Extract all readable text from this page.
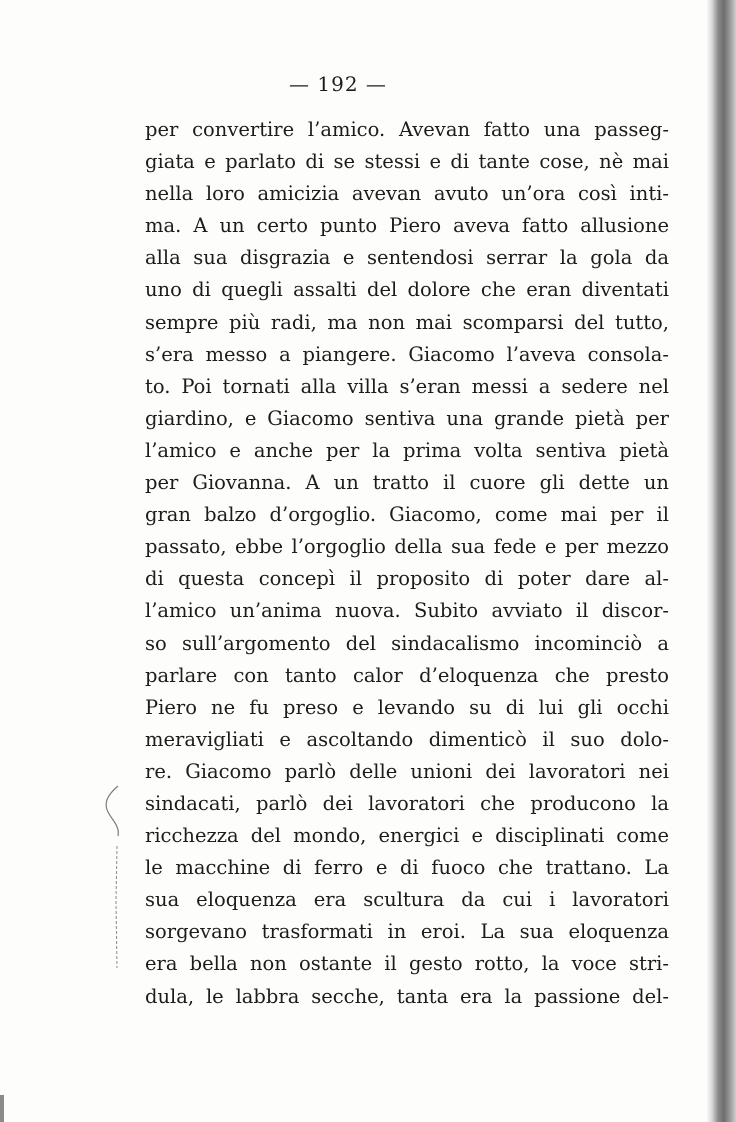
— 192 —
per convertire l’amico. Avevan fatto una passeg-
giata e parlato di se stessi e di tante cose, nè mai
nella loro amicizia avevan avuto un’ora così inti-
ma. A un certo punto Piero aveva fatto allusione
alla sua disgrazia e sentendosi serrar la gola da
uno di quegli assalti del dolore che eran diventati
sempre più radi, ma non mai scomparsi del tutto,
s’era messo a piangere. Giacomo l’aveva consola-
to. Poi tornati alla villa s’eran messi a sedere nel
giardino, e Giacomo sentiva una grande pietà per
l’amico e anche per la prima volta sentiva pietà
per Giovanna. A un tratto il cuore gli dette un
gran balzo d’orgoglio. Giacomo, come mai per il
passato, ebbe l’orgoglio della sua fede e per mezzo
di questa concepì il proposito di poter dare al-
l’amico un’anima nuova. Subito avviato il discor-
so sull’argomento del sindacalismo incominciò a
parlare con tanto calor d’eloquenza che presto
Piero ne fu preso e levando su di lui gli occhi
meravigliati e ascoltando dimenticò il suo dolo-
re. Giacomo parlò delle unioni dei lavoratori nei
sindacati, parlò dei lavoratori che producono la
ricchezza del mondo, energici e disciplinati come
le macchine di ferro e di fuoco che trattano. La
sua eloquenza era scultura da cui i lavoratori
sorgevano trasformati in eroi. La sua eloquenza
era bella non ostante il gesto rotto, la voce stri-
dula, le labbra secche, tanta era la passione del-
